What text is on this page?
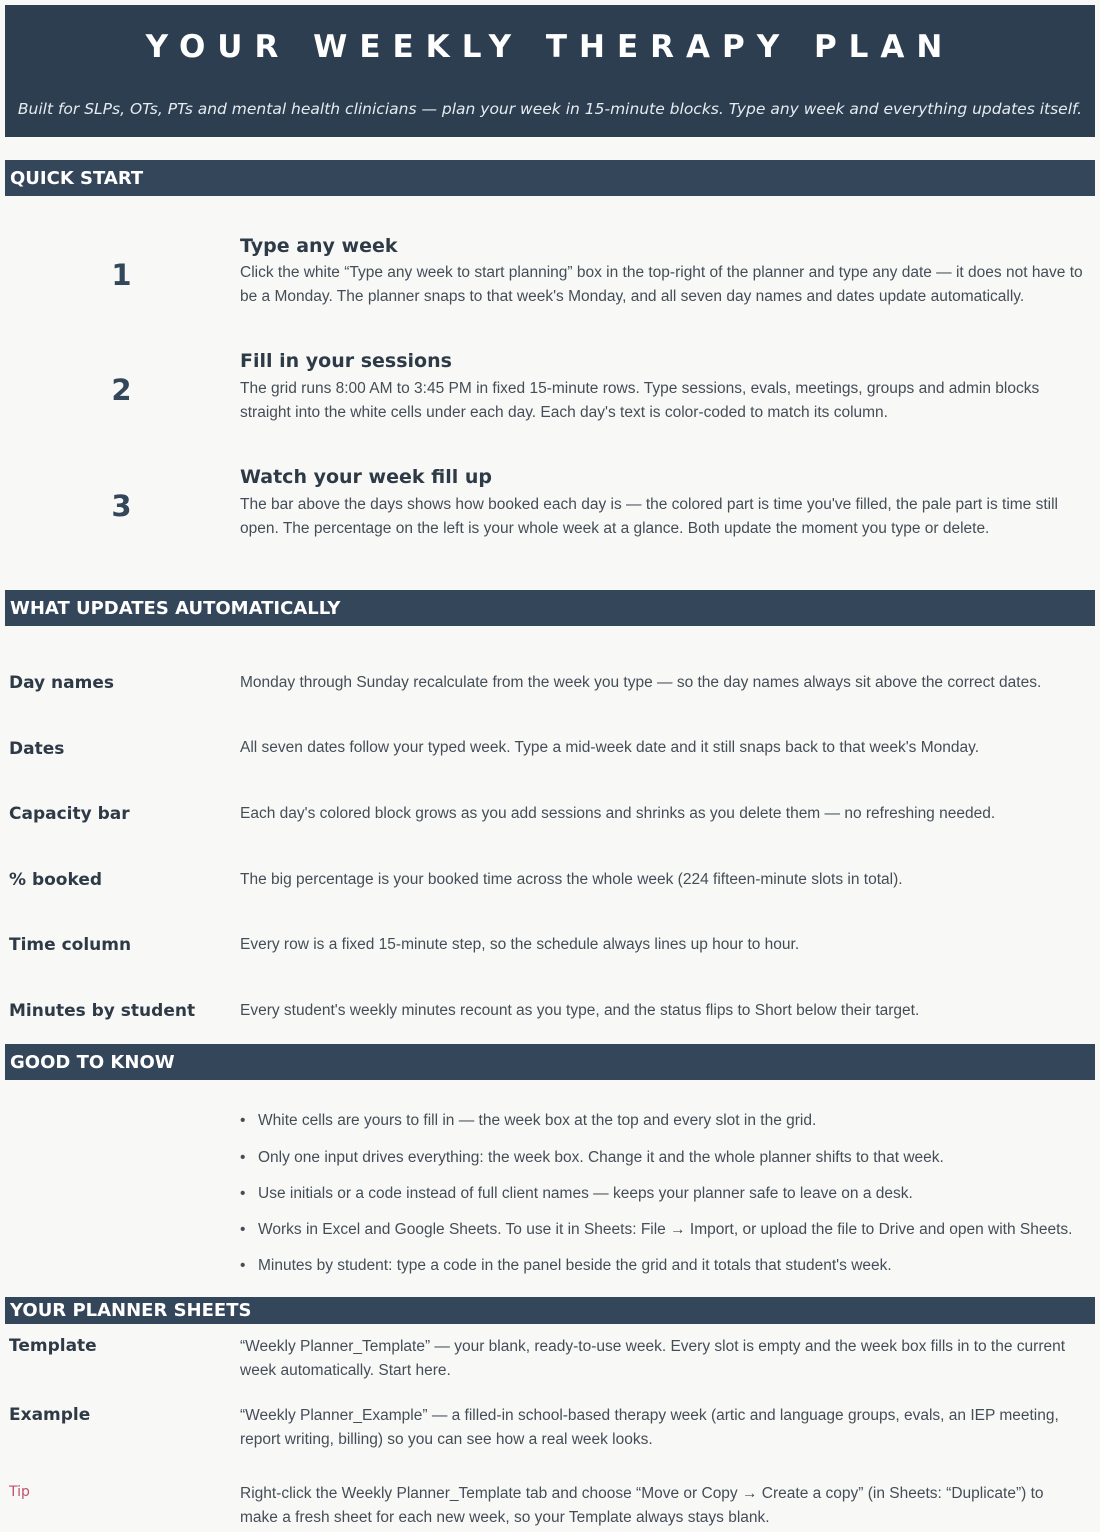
YOUR WEEKLY THERAPY PLAN
Built for SLPs, OTs, PTs and mental health clinicians — plan your week in 15-minute blocks. Type any week and everything updates itself.
QUICK START
1
Type any week
Click the white “Type any week to start planning” box in the top-right of the planner and type any date — it does not have to be a Monday. The planner snaps to that week's Monday, and all seven day names and dates update automatically.
2
Fill in your sessions
The grid runs 8:00 AM to 3:45 PM in fixed 15-minute rows. Type sessions, evals, meetings, groups and admin blocks straight into the white cells under each day. Each day's text is color-coded to match its column.
3
Watch your week fill up
The bar above the days shows how booked each day is — the colored part is time you've filled, the pale part is time still open. The percentage on the left is your whole week at a glance. Both update the moment you type or delete.
WHAT UPDATES AUTOMATICALLY
Day names	Monday through Sunday recalculate from the week you type — so the day names always sit above the correct dates.
Dates	All seven dates follow your typed week. Type a mid-week date and it still snaps back to that week's Monday.
Capacity bar	Each day's colored block grows as you add sessions and shrinks as you delete them — no refreshing needed.
% booked	The big percentage is your booked time across the whole week (224 fifteen-minute slots in total).
Time column	Every row is a fixed 15-minute step, so the schedule always lines up hour to hour.
Minutes by student	Every student's weekly minutes recount as you type, and the status flips to Short below their target.
GOOD TO KNOW
• White cells are yours to fill in — the week box at the top and every slot in the grid.
• Only one input drives everything: the week box. Change it and the whole planner shifts to that week.
• Use initials or a code instead of full client names — keeps your planner safe to leave on a desk.
• Works in Excel and Google Sheets. To use it in Sheets: File → Import, or upload the file to Drive and open with Sheets.
• Minutes by student: type a code in the panel beside the grid and it totals that student's week.
YOUR PLANNER SHEETS
Template	“Weekly Planner_Template” — your blank, ready-to-use week. Every slot is empty and the week box fills in to the current week automatically. Start here.
Example	“Weekly Planner_Example” — a filled-in school-based therapy week (artic and language groups, evals, an IEP meeting, report writing, billing) so you can see how a real week looks.
Tip	Right-click the Weekly Planner_Template tab and choose “Move or Copy → Create a copy” (in Sheets: “Duplicate”) to make a fresh sheet for each new week, so your Template always stays blank.
